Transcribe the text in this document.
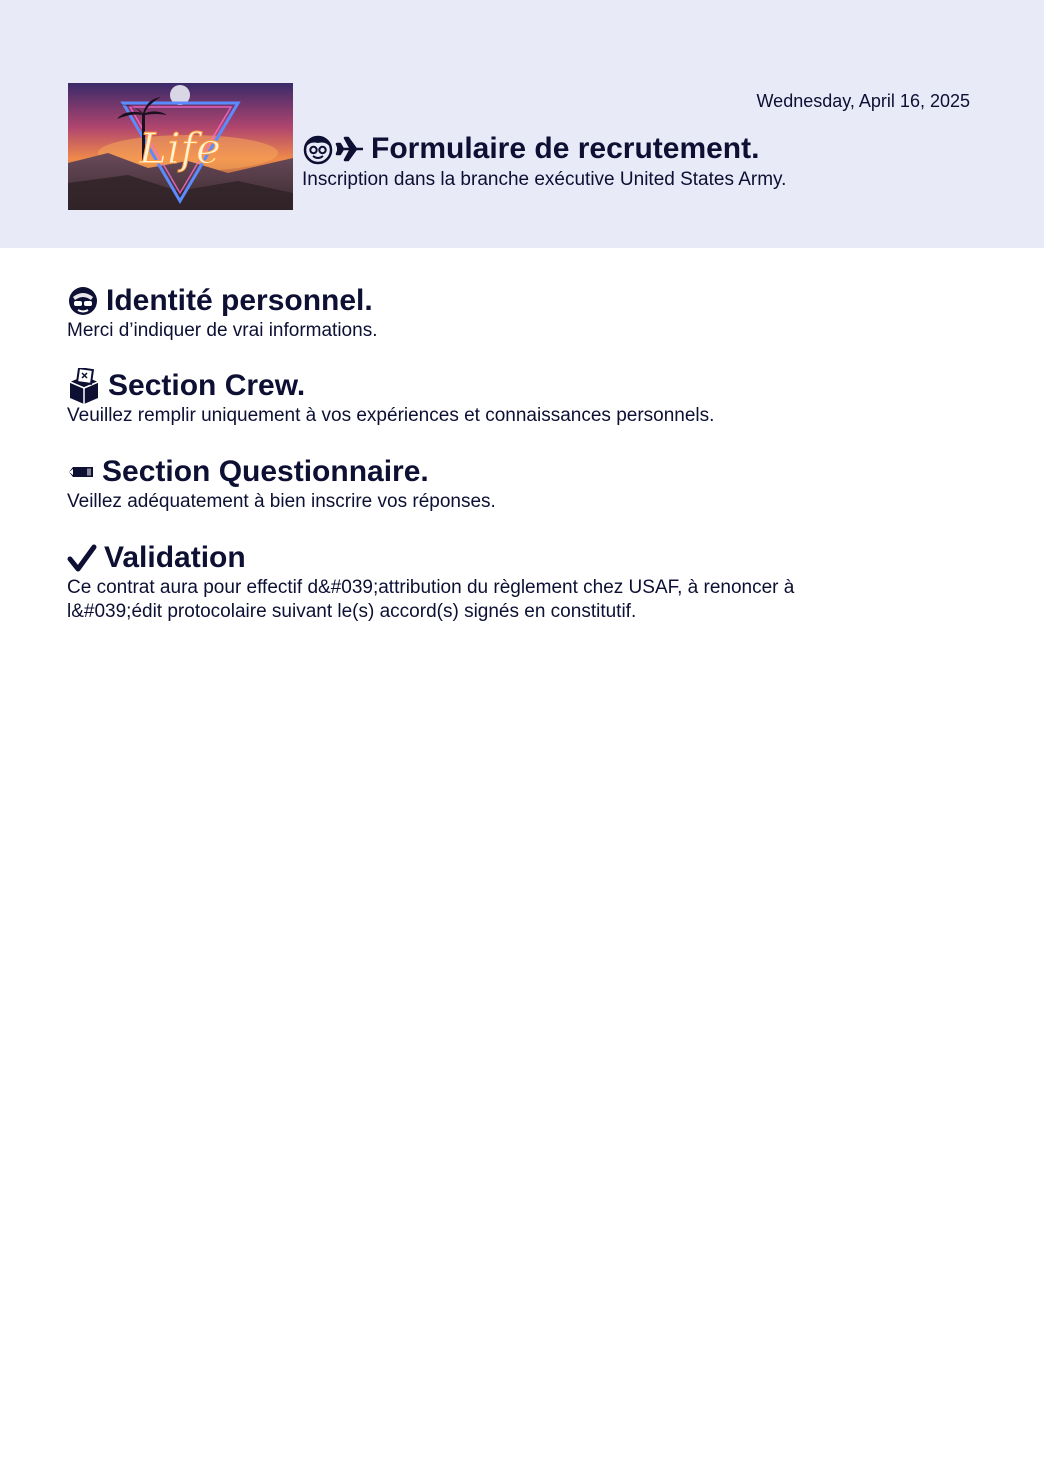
Life
Wednesday, April 16, 2025
Formulaire de recrutement.
Inscription dans la branche exécutive United States Army.
Identité personnel.
Merci d’indiquer de vrai informations.
Section Crew.
Veuillez remplir uniquement à vos expériences et connaissances personnels.
Section Questionnaire.
Veillez adéquatement à bien inscrire vos réponses.
Validation
Ce contrat aura pour effectif d&#039;attribution du règlement chez USAF, à renoncer à l&#039;édit protocolaire suivant le(s) accord(s) signés en constitutif.
